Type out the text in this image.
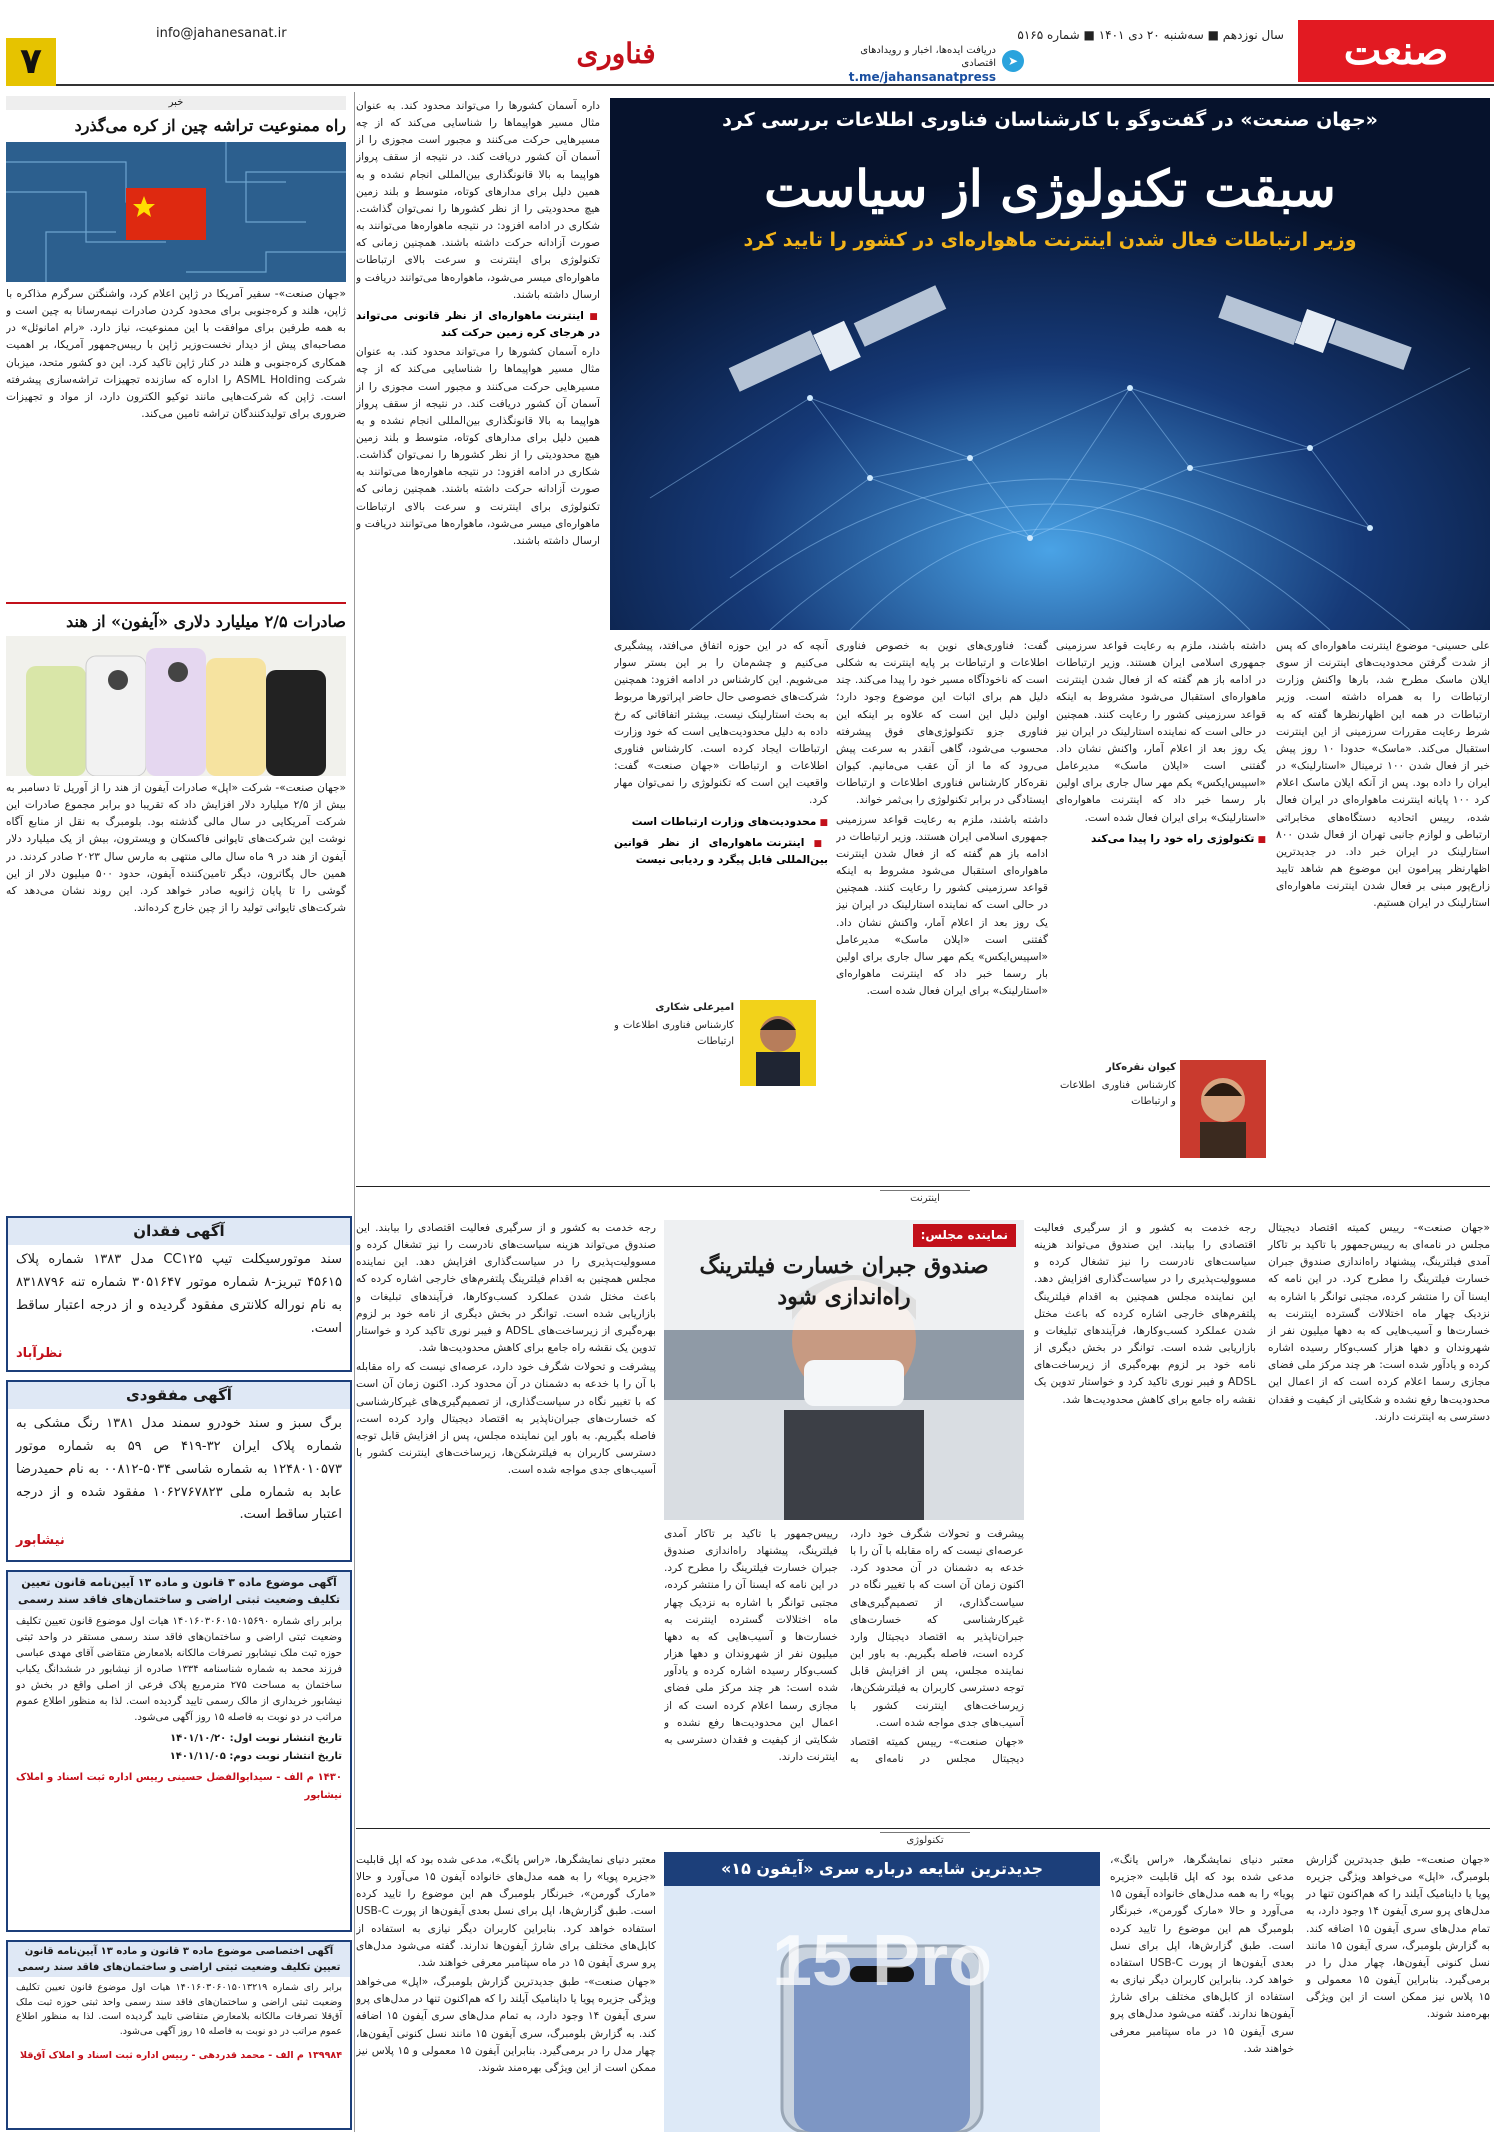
صنعت
سال نوزدهم ■ سه‌شنبه ۲۰ دی ۱۴۰۱ ■ شماره ۵۱۶۵
➤
دریافت ایده‌ها، اخبار و رویدادهای اقتصادی
t.me/jahansanatpress
فناوری
info@jahanesanat.ir
۷
«جهان صنعت» در گفت‌وگو با کارشناسان فناوری اطلاعات بررسی کرد
سبقت تکنولوژی از سیاست
وزیر ارتباطات فعال شدن اینترنت ماهواره‌ای در کشور را تایید کرد

داره آسمان کشورها را می‌تواند محدود کند. به عنوان مثال مسیر هواپیماها را شناسایی می‌کند که از چه مسیرهایی حرکت می‌کنند و مجبور است مجوزی را از آسمان آن کشور دریافت کند. در نتیجه از سقف پرواز هواپیما به بالا قانونگذاری بین‌المللی انجام نشده و به همین دلیل برای مدارهای کوتاه، متوسط و بلند زمین هیچ محدودیتی را از نظر کشورها را نمی‌توان گذاشت. شکاری در ادامه افزود: در نتیجه ماهواره‌ها می‌توانند به صورت آزادانه حرکت داشته باشند. همچنین زمانی که تکنولوژی برای اینترنت و سرعت بالای ارتباطات ماهواره‌ای میسر می‌شود، ماهواره‌ها می‌توانند دریافت و ارسال داشته باشند.

■ اینترنت ماهواره‌ای از نظر قانونی می‌تواند در هرجای کره زمین حرکت کند

داره آسمان کشورها را می‌تواند محدود کند. به عنوان مثال مسیر هواپیماها را شناسایی می‌کند که از چه مسیرهایی حرکت می‌کنند و مجبور است مجوزی را از آسمان آن کشور دریافت کند. در نتیجه از سقف پرواز هواپیما به بالا قانونگذاری بین‌المللی انجام نشده و به همین دلیل برای مدارهای کوتاه، متوسط و بلند زمین هیچ محدودیتی را از نظر کشورها را نمی‌توان گذاشت. شکاری در ادامه افزود: در نتیجه ماهواره‌ها می‌توانند به صورت آزادانه حرکت داشته باشند. همچنین زمانی که تکنولوژی برای اینترنت و سرعت بالای ارتباطات ماهواره‌ای میسر می‌شود، ماهواره‌ها می‌توانند دریافت و ارسال داشته باشند.

علی حسینی- موضوع اینترنت ماهواره‌ای که پس از شدت گرفتن محدودیت‌های اینترنت از سوی ایلان ماسک مطرح شد، بارها واکنش وزارت ارتباطات را به همراه داشته است. وزیر ارتباطات در همه این اظهارنظرها گفته که به شرط رعایت مقررات سرزمینی از این اینترنت استقبال می‌کند. «ماسک» حدودا ۱۰ روز پیش خبر از فعال شدن ۱۰۰ ترمینال «استارلینک» در ایران را داده بود. پس از آنکه ایلان ماسک اعلام کرد ۱۰۰ پایانه اینترنت ماهواره‌ای در ایران فعال شده، رییس اتحادیه دستگاه‌های مخابراتی ارتباطی و لوازم جانبی تهران از فعال شدن ۸۰۰ استارلینک در ایران خبر داد. در جدیدترین اظهارنظر پیرامون این موضوع هم شاهد تایید زارع‌پور مبنی بر فعال شدن اینترنت ماهواره‌ای استارلینک در ایران هستیم.

داشته باشند، ملزم به رعایت قواعد سرزمینی جمهوری اسلامی ایران هستند. وزیر ارتباطات در ادامه باز هم گفته که از فعال شدن اینترنت ماهواره‌ای استقبال می‌شود مشروط به اینکه قواعد سرزمینی کشور را رعایت کنند. همچنین در حالی است که نماینده استارلینک در ایران نیز یک روز بعد از اعلام آمار، واکنش نشان داد. گفتنی است «ایلان ماسک» مدیرعامل «اسپیس‌ایکس» یکم مهر سال جاری برای اولین بار رسما خبر داد که اینترنت ماهواره‌ای «استارلینک» برای ایران فعال شده است.

■ تکنولوژی راه خود را پیدا می‌کند

کیوان نقره‌کار

کارشناس فناوری اطلاعات و ارتباطات

گفت: فناوری‌های نوین به خصوص فناوری اطلاعات و ارتباطات بر پایه اینترنت به شکلی است که ناخودآگاه مسیر خود را پیدا می‌کند. چند دلیل هم برای اثبات این موضوع وجود دارد؛ اولین دلیل این است که علاوه بر اینکه این فناوری جزو تکنولوژی‌های فوق پیشرفته محسوب می‌شود، گاهی آنقدر به سرعت پیش می‌رود که ما از آن عقب می‌مانیم. کیوان نقره‌کار کارشناس فناوری اطلاعات و ارتباطات ایستادگی در برابر تکنولوژی را بی‌ثمر خواند.

داشته باشند، ملزم به رعایت قواعد سرزمینی جمهوری اسلامی ایران هستند. وزیر ارتباطات در ادامه باز هم گفته که از فعال شدن اینترنت ماهواره‌ای استقبال می‌شود مشروط به اینکه قواعد سرزمینی کشور را رعایت کنند. همچنین در حالی است که نماینده استارلینک در ایران نیز یک روز بعد از اعلام آمار، واکنش نشان داد. گفتنی است «ایلان ماسک» مدیرعامل «اسپیس‌ایکس» یکم مهر سال جاری برای اولین بار رسما خبر داد که اینترنت ماهواره‌ای «استارلینک» برای ایران فعال شده است.

آنچه که در این حوزه اتفاق می‌افتد، پیشگیری می‌کنیم و چشم‌مان را بر این بستر سوار می‌شویم. این کارشناس در ادامه افزود: همچنین شرکت‌های خصوصی حال حاضر اپراتورها مربوط به بحث استارلینک نیست. بیشتر اتفاقاتی که رخ داده به دلیل محدودیت‌هایی است که خود وزارت ارتباطات ایجاد کرده است. کارشناس فناوری اطلاعات و ارتباطات «جهان صنعت» گفت: واقعیت این است که تکنولوژی را نمی‌توان مهار کرد.

■ محدودیت‌های وزارت ارتباطات است

■ اینترنت ماهواره‌ای از نظر قوانین بین‌المللی قابل پیگرد و ردیابی نیست

امیرعلی شکاری

کارشناس فناوری اطلاعات و ارتباطات

اینترنت
نماینده مجلس:
صندوق جبران خسارت فیلترینگ راه‌اندازی شود

«جهان صنعت»- رییس کمیته اقتصاد دیجیتال مجلس در نامه‌ای به رییس‌جمهور با تاکید بر تاکار آمدی فیلترینگ، پیشنهاد راه‌اندازی صندوق جبران خسارت فیلترینگ را مطرح کرد. در این نامه که ایسنا آن را منتشر کرده، مجتبی توانگر با اشاره به نزدیک چهار ماه اختلالات گسترده اینترنت به خسارت‌ها و آسیب‌هایی که به دهها میلیون نفر از شهروندان و دهها هزار کسب‌وکار رسیده اشاره کرده و یادآور شده است: هر چند مرکز ملی فضای مجازی رسما اعلام کرده است که از اعمال این محدودیت‌ها رفع نشده و شکایتی از کیفیت و فقدان دسترسی به اینترنت دارند.

رجه خدمت به کشور و از سرگیری فعالیت اقتصادی را بیابند. این صندوق می‌تواند هزینه سیاست‌های نادرست را نیز تشغال کرده و مسوولیت‌پذیری را در سیاست‌گذاری افزایش دهد. این نماینده مجلس همچنین به اقدام فیلترینگ پلتفرم‌های خارجی اشاره کرده که باعث مختل شدن عملکرد کسب‌وکارها، فرآیندهای تبلیغات و بازاریابی شده است. توانگر در بخش دیگری از نامه خود بر لزوم بهره‌گیری از زیرساخت‌های ADSL و فیبر نوری تاکید کرد و خواستار تدوین یک نقشه راه جامع برای کاهش محدودیت‌ها شد.

پیشرفت و تحولات شگرف خود دارد، عرصه‌ای نیست که راه مقابله با آن را با خدعه به دشمنان در آن محدود کرد. اکنون زمان آن است که با تغییر نگاه در سیاست‌گذاری، از تصمیم‌گیری‌های غیرکارشناسی که خسارت‌های جبران‌ناپذیر به اقتصاد دیجیتال وارد کرده است، فاصله بگیریم. به باور این نماینده مجلس، پس از افزایش قابل توجه دسترسی کاربران به فیلترشکن‌ها، زیرساخت‌های اینترنت کشور با آسیب‌های جدی مواجه شده است.

«جهان صنعت»- رییس کمیته اقتصاد دیجیتال مجلس در نامه‌ای به رییس‌جمهور با تاکید بر تاکار آمدی فیلترینگ، پیشنهاد راه‌اندازی صندوق جبران خسارت فیلترینگ را مطرح کرد. در این نامه که ایسنا آن را منتشر کرده، مجتبی توانگر با اشاره به نزدیک چهار ماه اختلالات گسترده اینترنت به خسارت‌ها و آسیب‌هایی که به دهها میلیون نفر از شهروندان و دهها هزار کسب‌وکار رسیده اشاره کرده و یادآور شده است: هر چند مرکز ملی فضای مجازی رسما اعلام کرده است که از اعمال این محدودیت‌ها رفع نشده و شکایتی از کیفیت و فقدان دسترسی به اینترنت دارند.

رجه خدمت به کشور و از سرگیری فعالیت اقتصادی را بیابند. این صندوق می‌تواند هزینه سیاست‌های نادرست را نیز تشغال کرده و مسوولیت‌پذیری را در سیاست‌گذاری افزایش دهد. این نماینده مجلس همچنین به اقدام فیلترینگ پلتفرم‌های خارجی اشاره کرده که باعث مختل شدن عملکرد کسب‌وکارها، فرآیندهای تبلیغات و بازاریابی شده است. توانگر در بخش دیگری از نامه خود بر لزوم بهره‌گیری از زیرساخت‌های ADSL و فیبر نوری تاکید کرد و خواستار تدوین یک نقشه راه جامع برای کاهش محدودیت‌ها شد.

پیشرفت و تحولات شگرف خود دارد، عرصه‌ای نیست که راه مقابله با آن را با خدعه به دشمنان در آن محدود کرد. اکنون زمان آن است که با تغییر نگاه در سیاست‌گذاری، از تصمیم‌گیری‌های غیرکارشناسی که خسارت‌های جبران‌ناپذیر به اقتصاد دیجیتال وارد کرده است، فاصله بگیریم. به باور این نماینده مجلس، پس از افزایش قابل توجه دسترسی کاربران به فیلترشکن‌ها، زیرساخت‌های اینترنت کشور با آسیب‌های جدی مواجه شده است.

تکنولوژی
جدیدترین شایعه درباره سری «آیفون ۱۵»
15 Pro

«جهان صنعت»- طبق جدیدترین گزارش بلومبرگ، «اپل» می‌خواهد ویژگی جزیره پویا یا داینامیک آیلند را که هم‌اکنون تنها در مدل‌های پرو سری آیفون ۱۴ وجود دارد، به تمام مدل‌های سری آیفون ۱۵ اضافه کند. به گزارش بلومبرگ، سری آیفون ۱۵ مانند نسل کنونی آیفون‌ها، چهار مدل را در برمی‌گیرد. بنابراین آیفون ۱۵ معمولی و ۱۵ پلاس نیز ممکن است از این ویژگی بهره‌مند شوند.

معتبر دنیای نمایشگرها، «راس یانگ»، مدعی شده بود که اپل قابلیت «جزیره پویا» را به همه مدل‌های خانواده آیفون ۱۵ می‌آورد و حالا «مارک گورمن»، خبرنگار بلومبرگ هم این موضوع را تایید کرده است. طبق گزارش‌ها، اپل برای نسل بعدی آیفون‌ها از پورت USB-C استفاده خواهد کرد. بنابراین کاربران دیگر نیازی به استفاده از کابل‌های مختلف برای شارژ آیفون‌ها ندارند. گفته می‌شود مدل‌های پرو سری آیفون ۱۵ در ماه سپتامبر معرفی خواهند شد.

معتبر دنیای نمایشگرها، «راس یانگ»، مدعی شده بود که اپل قابلیت «جزیره پویا» را به همه مدل‌های خانواده آیفون ۱۵ می‌آورد و حالا «مارک گورمن»، خبرنگار بلومبرگ هم این موضوع را تایید کرده است. طبق گزارش‌ها، اپل برای نسل بعدی آیفون‌ها از پورت USB-C استفاده خواهد کرد. بنابراین کاربران دیگر نیازی به استفاده از کابل‌های مختلف برای شارژ آیفون‌ها ندارند. گفته می‌شود مدل‌های پرو سری آیفون ۱۵ در ماه سپتامبر معرفی خواهند شد.

«جهان صنعت»- طبق جدیدترین گزارش بلومبرگ، «اپل» می‌خواهد ویژگی جزیره پویا یا داینامیک آیلند را که هم‌اکنون تنها در مدل‌های پرو سری آیفون ۱۴ وجود دارد، به تمام مدل‌های سری آیفون ۱۵ اضافه کند. به گزارش بلومبرگ، سری آیفون ۱۵ مانند نسل کنونی آیفون‌ها، چهار مدل را در برمی‌گیرد. بنابراین آیفون ۱۵ معمولی و ۱۵ پلاس نیز ممکن است از این ویژگی بهره‌مند شوند.

خبر
راه ممنوعیت تراشه چین از کره می‌گذرد

«جهان صنعت»- سفیر آمریکا در ژاپن اعلام کرد، واشنگتن سرگرم مذاکره با ژاپن، هلند و کره‌جنوبی برای محدود کردن صادرات نیمه‌رسانا به چین است و به همه طرفین برای موافقت با این ممنوعیت، نیاز دارد. «رام امانوئل» در مصاحبه‌ای پیش از دیدار نخست‌وزیر ژاپن با رییس‌جمهور آمریکا، بر اهمیت همکاری کره‌جنوبی و هلند در کنار ژاپن تاکید کرد. این دو کشور متحد، میزبان شرکت ASML Holding را اداره که سازنده تجهیزات تراشه‌سازی پیشرفته است. ژاپن که شرکت‌هایی مانند توکیو الکترون دارد، از مواد و تجهیزات ضروری برای تولیدکنندگان تراشه تامین می‌کند.

صادرات ۲/۵ میلیارد دلاری «آیفون» از هند

«جهان صنعت»- شرکت «اپل» صادرات آیفون از هند را از آوریل تا دسامبر به بیش از ۲/۵ میلیارد دلار افزایش داد که تقریبا دو برابر مجموع صادرات این شرکت آمریکایی در سال مالی گذشته بود. بلومبرگ به نقل از منابع آگاه نوشت این شرکت‌های تایوانی فاکسکان و ویسترون، بیش از یک میلیارد دلار آیفون از هند در ۹ ماه سال مالی منتهی به مارس سال ۲۰۲۳ صادر کردند. در همین حال پگاترون، دیگر تامین‌کننده آیفون، حدود ۵۰۰ میلیون دلار از این گوشی را تا پایان ژانویه صادر خواهد کرد. این روند نشان می‌دهد که شرکت‌های تایوانی تولید را از چین خارج کرده‌اند.

آگهی فقدان
سند موتورسیکلت تیپ CC۱۲۵ مدل ۱۳۸۳ شماره پلاک ۴۵۶۱۵ تبریز-۸ شماره موتور ۳۰۵۱۶۴۷ شماره تنه ۸۳۱۸۷۹۶ به نام نوراله کلانتری مفقود گردیده و از درجه اعتبار ساقط است.
نظرآباد
آگهی مفقودی
برگ سبز و سند خودرو سمند مدل ۱۳۸۱ رنگ مشکی به شماره پلاک ایران ۳۲-۴۱۹ ص ۵۹ به شماره موتور ۱۲۴۸۰۱۰۵۷۳ به شماره شاسی ۵۰۳۴-۰۰۸۱۲ به نام حمیدرضا عابد به شماره ملی ۱۰۶۲۷۶۷۸۲۳ مفقود شده و از درجه اعتبار ساقط است.
نیشابور
آگهی موضوع ماده ۳ قانون و ماده ۱۳ آیین‌نامه قانون تعیین تکلیف وضعیت ثبتی اراضی و ساختمان‌های فاقد سند رسمی
برابر رای شماره ۱۴۰۱۶۰۳۰۶۰۱۵۰۱۵۶۹۰ هیات اول موضوع قانون تعیین تکلیف وضعیت ثبتی اراضی و ساختمان‌های فاقد سند رسمی مستقر در واحد ثبتی حوزه ثبت ملک نیشابور تصرفات مالکانه بلامعارض متقاضی آقای مهدی عباسی فرزند محمد به شماره شناسنامه ۱۳۳۴ صادره از نیشابور در ششدانگ یکباب ساختمان به مساحت ۲۷۵ مترمربع پلاک فرعی از اصلی واقع در بخش دو نیشابور خریداری از مالک رسمی تایید گردیده است. لذا به منظور اطلاع عموم مراتب در دو نوبت به فاصله ۱۵ روز آگهی می‌شود.
تاریخ انتشار نوبت اول: ۱۴۰۱/۱۰/۲۰
تاریخ انتشار نوبت دوم: ۱۴۰۱/۱۱/۰۵
۱۴۳۰ م الف - سیدابوالفضل حسینی رییس اداره ثبت اسناد و املاک نیشابور
آگهی اختصاصی موضوع ماده ۳ قانون و ماده ۱۳ آیین‌نامه قانون تعیین تکلیف وضعیت ثبتی اراضی و ساختمان‌های فاقد سند رسمی
برابر رای شماره ۱۴۰۱۶۰۳۰۶۰۱۵۰۱۳۲۱۹ هیات اول موضوع قانون تعیین تکلیف وضعیت ثبتی اراضی و ساختمان‌های فاقد سند رسمی واحد ثبتی حوزه ثبت ملک آق‌قلا تصرفات مالکانه بلامعارض متقاضی تایید گردیده است. لذا به منظور اطلاع عموم مراتب در دو نوبت به فاصله ۱۵ روز آگهی می‌شود.
۱۳۹۹۸۴ م الف - محمد قدردهی - رییس اداره ثبت اسناد و املاک آق‌قلا
